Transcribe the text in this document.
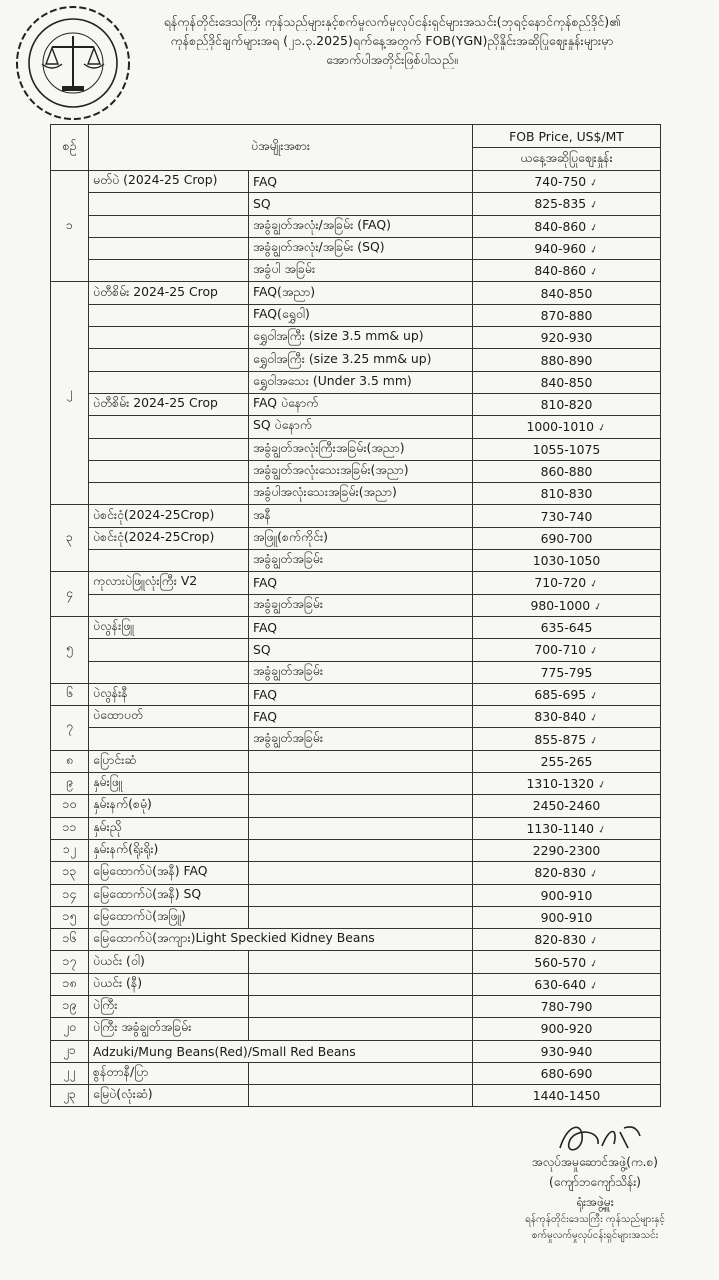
ရန်ကုန်တိုင်းဒေသကြီး ကုန်သည်များနှင့်စက်မှုလက်မှုလုပ်ငန်းရှင်များအသင်း(ဘုရင့်နောင်ကုန်စည်ဒိုင်)၏
ကုန်စည်ဒိုင်ချက်များအရ (၂၁.၃.2025)ရက်နေ့အတွက် FOB(YGN)ညှိနှိုင်းအဆိုပြုဈေးနှုန်းများမှာ
အောက်ပါအတိုင်းဖြစ်ပါသည်။
စဉ်	ပဲအမျိုးအစား		FOB Price, US$/MT
			ယနေ့အဆိုပြုဈေးနှုန်း
၁	မတ်ပဲ (2024-25 Crop)	FAQ	740-750 ✓
		SQ	825-835 ✓
		အခွံချွတ်အလုံး/အခြမ်း (FAQ)	840-860 ✓
		အခွံချွတ်အလုံး/အခြမ်း (SQ)	940-960 ✓
		အခွံပါ အခြမ်း	840-860 ✓
၂	ပဲတီစိမ်း 2024-25 Crop	FAQ(အညာ)	840-850
		FAQ(ရွှေဝါ)	870-880
		ရွှေဝါအကြီး (size 3.5 mm& up)	920-930
		ရွှေဝါအကြီး (size 3.25 mm& up)	880-890
		ရွှေဝါအသေး (Under 3.5 mm)	840-850
	ပဲတီစိမ်း 2024-25 Crop	FAQ ပဲနောက်	810-820
		SQ ပဲနောက်	1000-1010 ✓
		အခွံချွတ်အလုံးကြီးအခြမ်း(အညာ)	1055-1075
		အခွံချွတ်အလုံးသေးအခြမ်း(အညာ)	860-880
		အခွံပါအလုံးသေးအခြမ်း(အညာ)	810-830
၃	ပဲစင်းငုံ(2024-25Crop)	အနီ	730-740
	ပဲစင်းငုံ(2024-25Crop)	အဖြူ(စက်ကိုင်း)	690-700
		အခွံချွတ်အခြမ်း	1030-1050
၄	ကုလားပဲဖြူလုံးကြီး V2	FAQ	710-720 ✓
		အခွံချွတ်အခြမ်း	980-1000 ✓
၅	ပဲလွန်းဖြူ	FAQ	635-645
		SQ	700-710 ✓
		အခွံချွတ်အခြမ်း	775-795
၆	ပဲလွန်းနီ	FAQ	685-695 ✓
၇	ပဲထောပတ်	FAQ	830-840 ✓
		အခွံချွတ်အခြမ်း	855-875 ✓
၈	ပြောင်းဆံ		255-265
၉	နှမ်းဖြူ		1310-1320 ✓
၁၀	နှမ်းနက်(စမုံ)		2450-2460
၁၁	နှမ်းညို		1130-1140 ✓
၁၂	နှမ်းနက်(ရိုးရိုး)		2290-2300
၁၃	မြေထောက်ပဲ(အနီ) FAQ		820-830 ✓
၁၄	မြေထောက်ပဲ(အနီ) SQ		900-910
၁၅	မြေထောက်ပဲ(အဖြူ)		900-910
၁၆	မြေထောက်ပဲ(အကျား)Light Speckied Kidney Beans		820-830 ✓
၁၇	ပဲယင်း (ဝါ)		560-570 ✓
၁၈	ပဲယင်း (နီ)		630-640 ✓
၁၉	ပဲကြီး		780-790
၂၀	ပဲကြီး အခွံချွတ်အခြမ်း		900-920
၂၁	Adzuki/Mung Beans(Red)/Small Red Beans		930-940
၂၂	စွန်တာနီ/ပြာ		680-690
၂၃	မြေပဲ(လုံးဆံ)		1440-1450
အလုပ်အမှုဆောင်အဖွဲ့(က.စ)
(ကျော်ဘကျော်သိန်း)
ရုံးအဖွဲ့မှူး
ရန်ကုန်တိုင်းဒေသကြီး ကုန်သည်များနှင့်
စက်မှုလက်မှုလုပ်ငန်းရှင်များအသင်း
